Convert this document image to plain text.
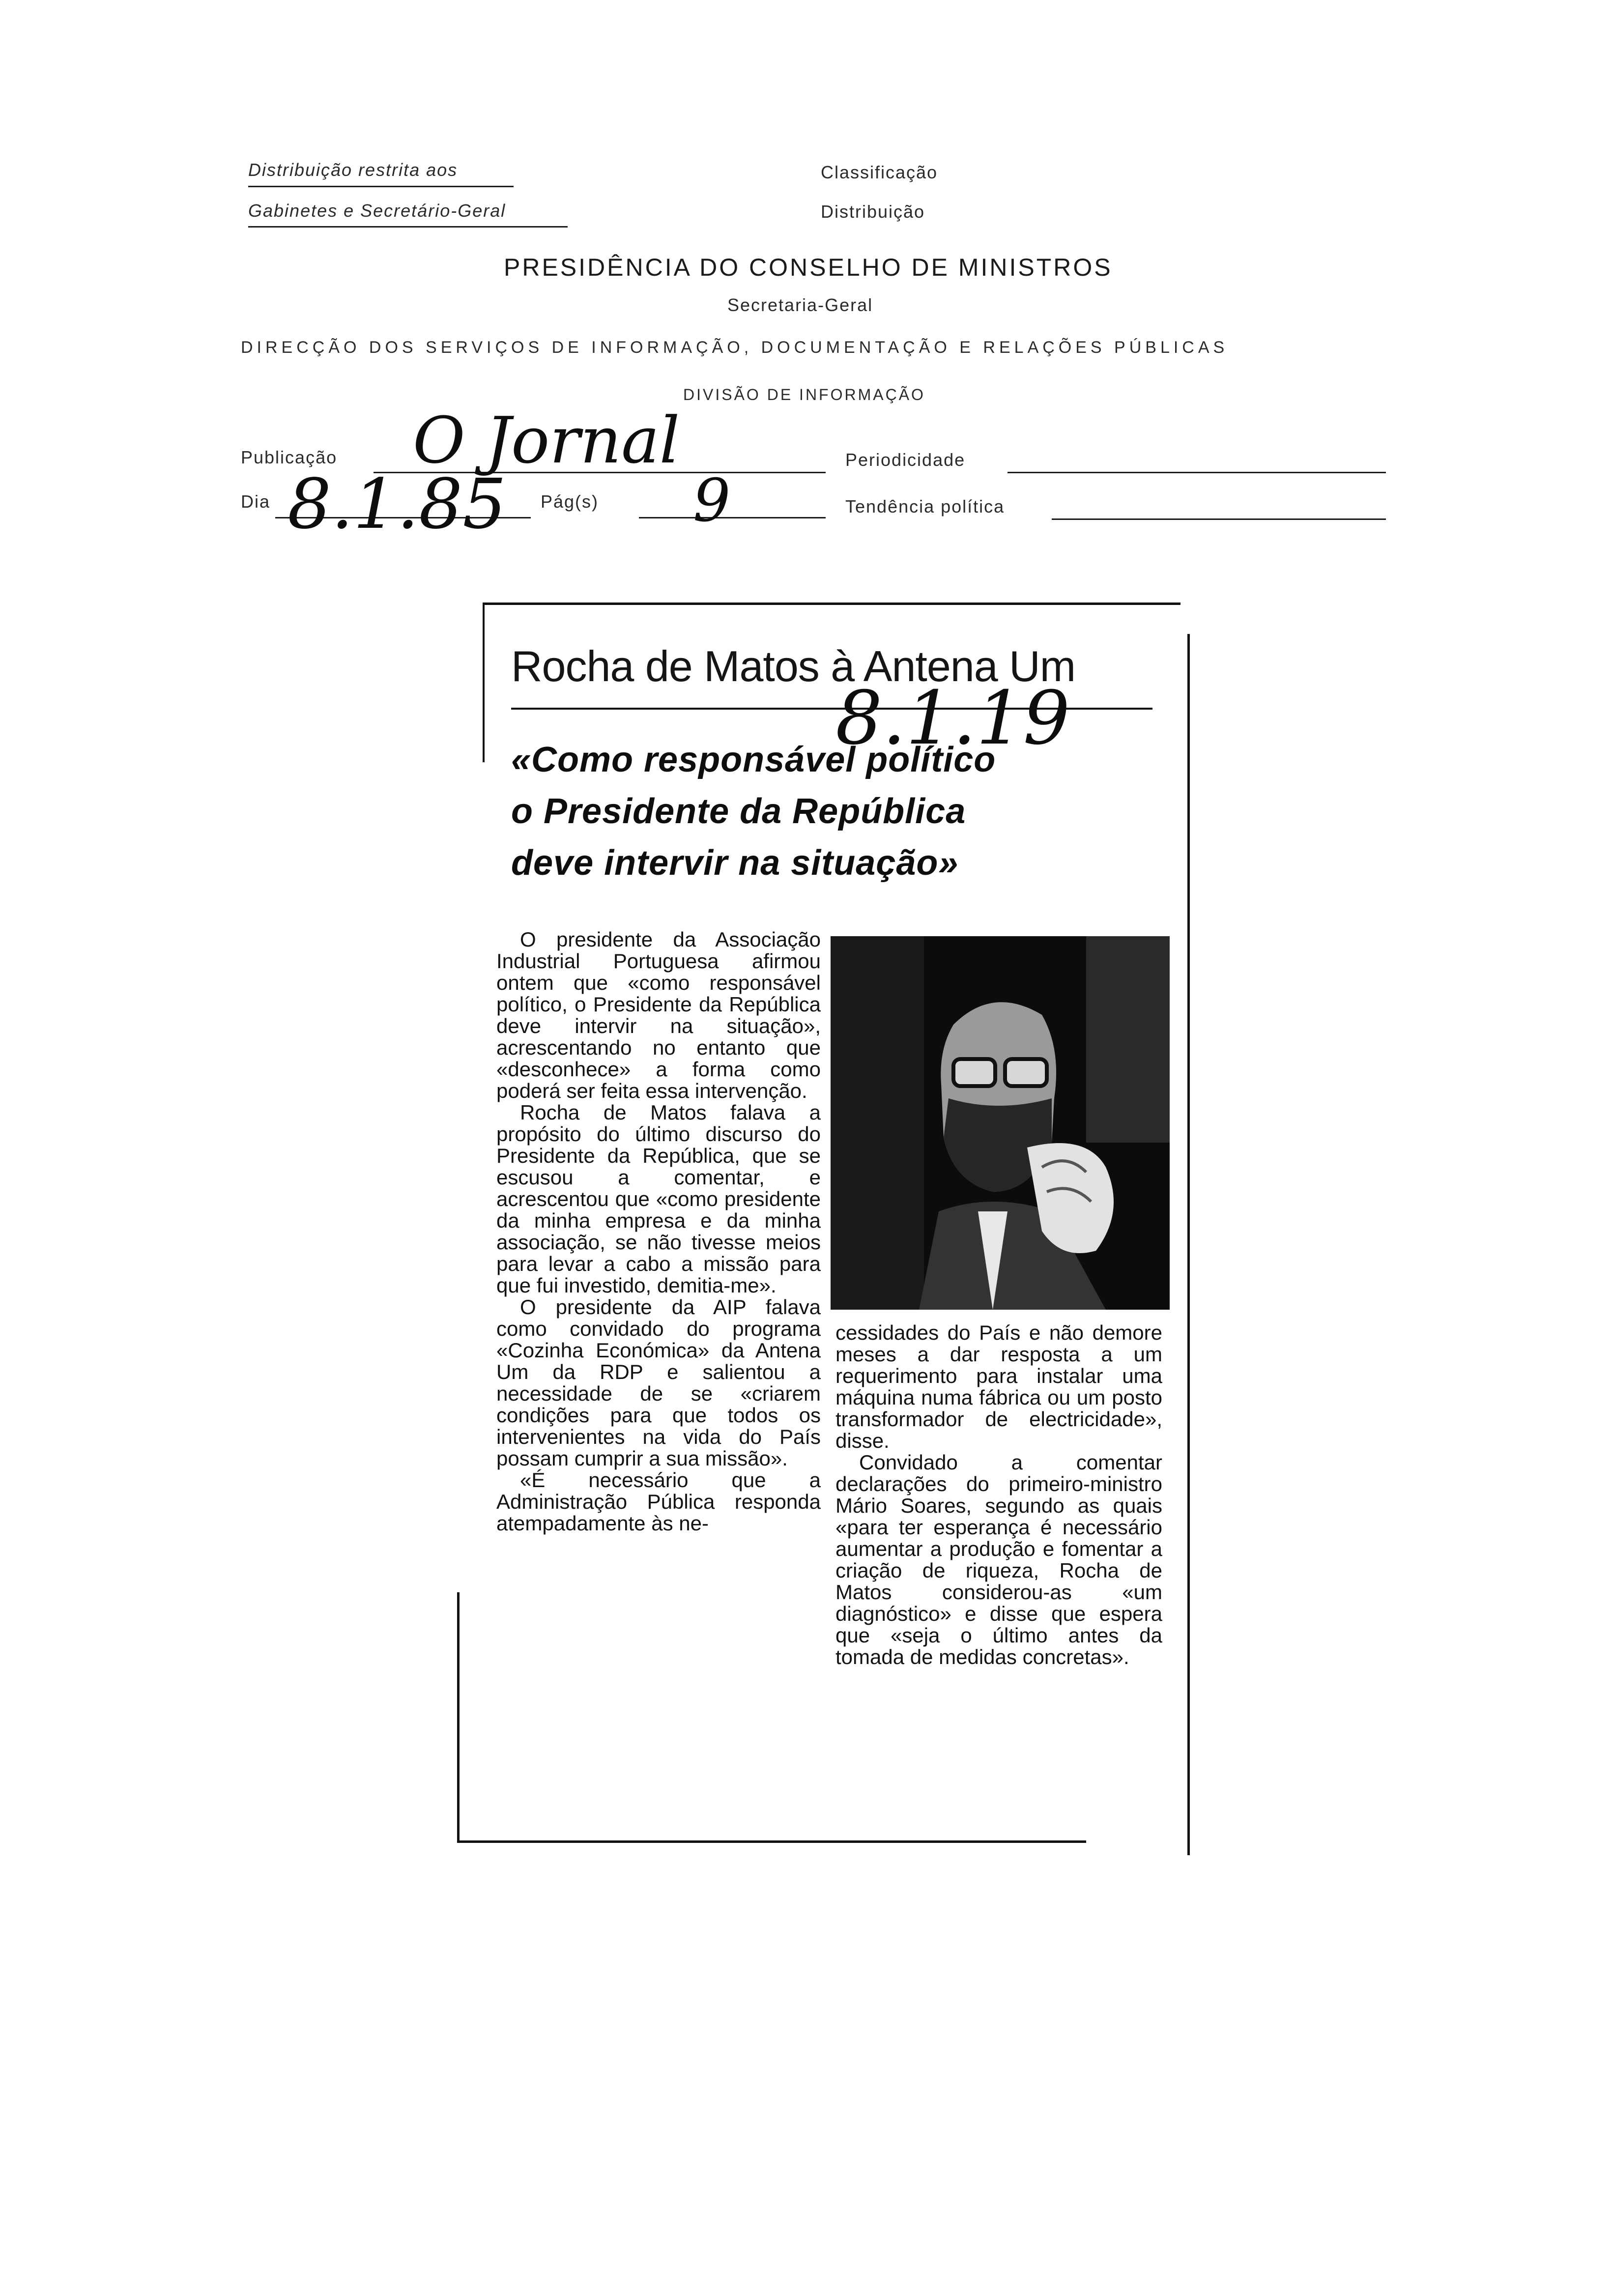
Distribuição restrita aos
Gabinetes e Secretário-Geral
Classificação
Distribuição
PRESIDÊNCIA DO CONSELHO DE MINISTROS
Secretaria-Geral
DIRECÇÃO DOS SERVIÇOS DE INFORMAÇÃO, DOCUMENTAÇÃO E RELAÇÕES PÚBLICAS
DIVISÃO DE INFORMAÇÃO
Publicação O Jornal	Periodicidade
Dia 8.1.85 Pág(s) 9	Tendência política
Rocha de Matos à Antena Um
8.1.19
«Como responsável político
o Presidente da República
deve intervir na situação»

O presidente da Associação Industrial Portuguesa afirmou ontem que «como responsável político, o Presidente da República deve intervir na situação», acrescentando no entanto que «desconhece» a forma como poderá ser feita essa intervenção.

Rocha de Matos falava a propósito do último discurso do Presidente da República, que se escusou a comentar, e acrescentou que «como presidente da minha empresa e da minha associação, se não tivesse meios para levar a cabo a missão para que fui investido, demitia-me».

O presidente da AIP falava como convidado do programa «Cozinha Económica» da Antena Um da RDP e salientou a necessidade de se «criarem condições para que todos os intervenientes na vida do País possam cumprir a sua missão».

«É necessário que a Administração Pública responda atempadamente às ne-

cessidades do País e não demore meses a dar resposta a um requerimento para instalar uma máquina numa fábrica ou um posto transformador de electricidade», disse.

Convidado a comentar declarações do primeiro-ministro Mário Soares, segundo as quais «para ter esperança é necessário aumentar a produção e fomentar a criação de riqueza, Rocha de Matos considerou-as «um diagnóstico» e disse que espera que «seja o último antes da tomada de medidas concretas».
